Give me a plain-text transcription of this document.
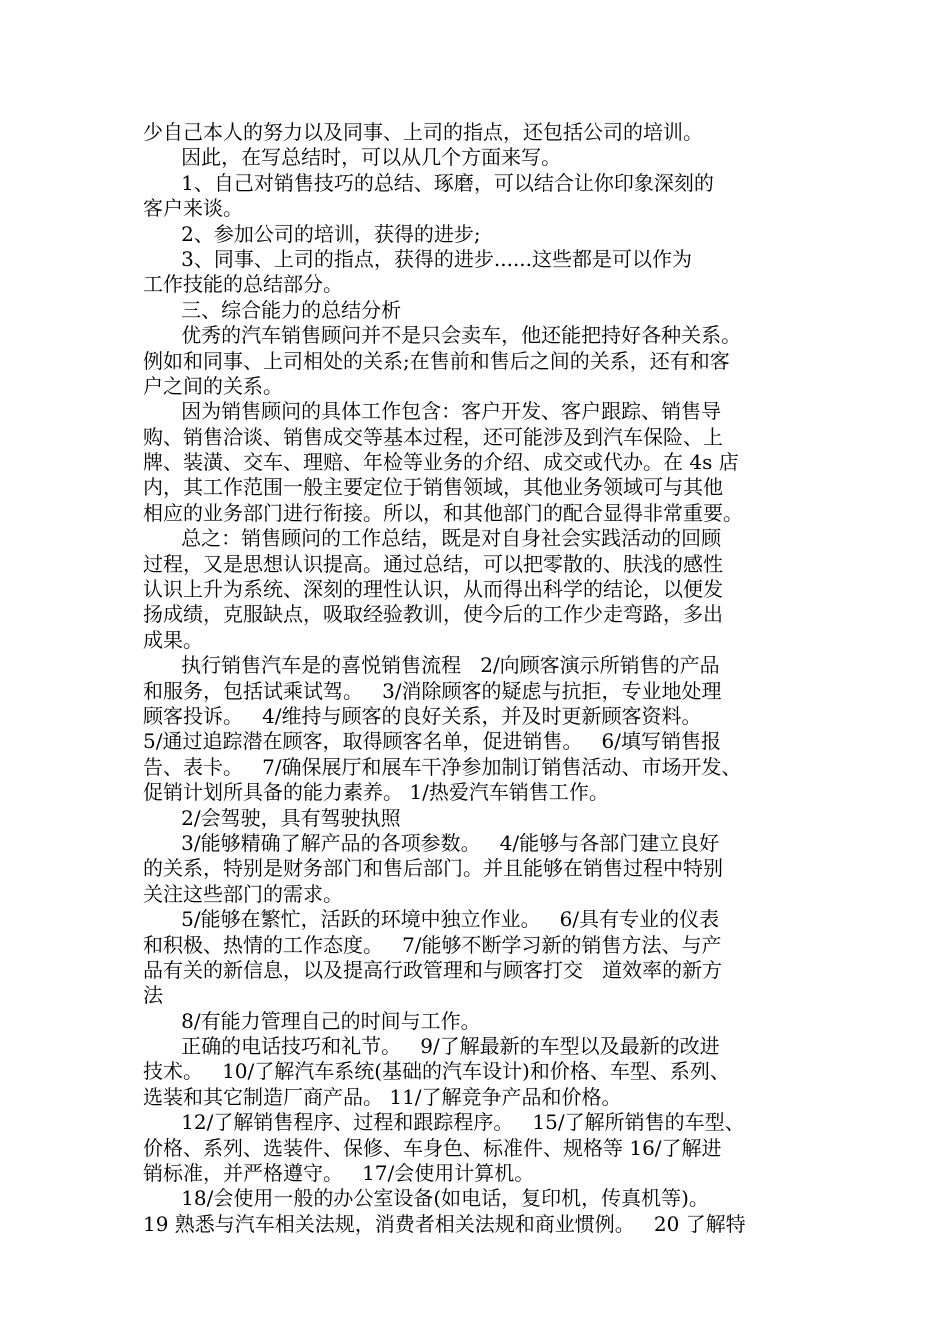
少自己本人的努力以及同事、上司的指点，还包括公司的培训。
因此，在写总结时，可以从几个方面来写。
1、自己对销售技巧的总结、琢磨，可以结合让你印象深刻的
客户来谈。
2、参加公司的培训，获得的进步;
3、同事、上司的指点，获得的进步......这些都是可以作为
工作技能的总结部分。
三、综合能力的总结分析
优秀的汽车销售顾问并不是只会卖车，他还能把持好各种关系。
例如和同事、上司相处的关系;在售前和售后之间的关系，还有和客
户之间的关系。
因为销售顾问的具体工作包含：客户开发、客户跟踪、销售导
购、销售洽谈、销售成交等基本过程，还可能涉及到汽车保险、上
牌、装潢、交车、理赔、年检等业务的介绍、成交或代办。在 4s 店
内，其工作范围一般主要定位于销售领域，其他业务领域可与其他
相应的业务部门进行衔接。所以，和其他部门的配合显得非常重要。
总之：销售顾问的工作总结，既是对自身社会实践活动的回顾
过程，又是思想认识提高。通过总结，可以把零散的、肤浅的感性
认识上升为系统、深刻的理性认识，从而得出科学的结论，以便发
扬成绩，克服缺点，吸取经验教训，使今后的工作少走弯路，多出
成果。
执行销售汽车是的喜悦销售流程   2/向顾客演示所销售的产品
和服务，包括试乘试驾。   3/消除顾客的疑虑与抗拒，专业地处理
顾客投诉。   4/维持与顾客的良好关系，并及时更新顾客资料。
5/通过追踪潜在顾客，取得顾客名单，促进销售。   6/填写销售报
告、表卡。   7/确保展厅和展车干净参加制订销售活动、市场开发、
促销计划所具备的能力素养。 1/热爱汽车销售工作。
2/会驾驶，具有驾驶执照
3/能够精确了解产品的各项参数。   4/能够与各部门建立良好
的关系，特别是财务部门和售后部门。并且能够在销售过程中特别
关注这些部门的需求。
5/能够在繁忙，活跃的环境中独立作业。   6/具有专业的仪表
和积极、热情的工作态度。   7/能够不断学习新的销售方法、与产
品有关的新信息，以及提高行政管理和与顾客打交   道效率的新方
法
8/有能力管理自己的时间与工作。
正确的电话技巧和礼节。   9/了解最新的车型以及最新的改进
技术。   10/了解汽车系统(基础的汽车设计)和价格、车型、系列、
选装和其它制造厂商产品。 11/了解竞争产品和价格。
12/了解销售程序、过程和跟踪程序。   15/了解所销售的车型、
价格、系列、选装件、保修、车身色、标准件、规格等 16/了解进
销标准，并严格遵守。   17/会使用计算机。
18/会使用一般的办公室设备(如电话，复印机，传真机等)。
19 熟悉与汽车相关法规，消费者相关法规和商业惯例。   20 了解特
